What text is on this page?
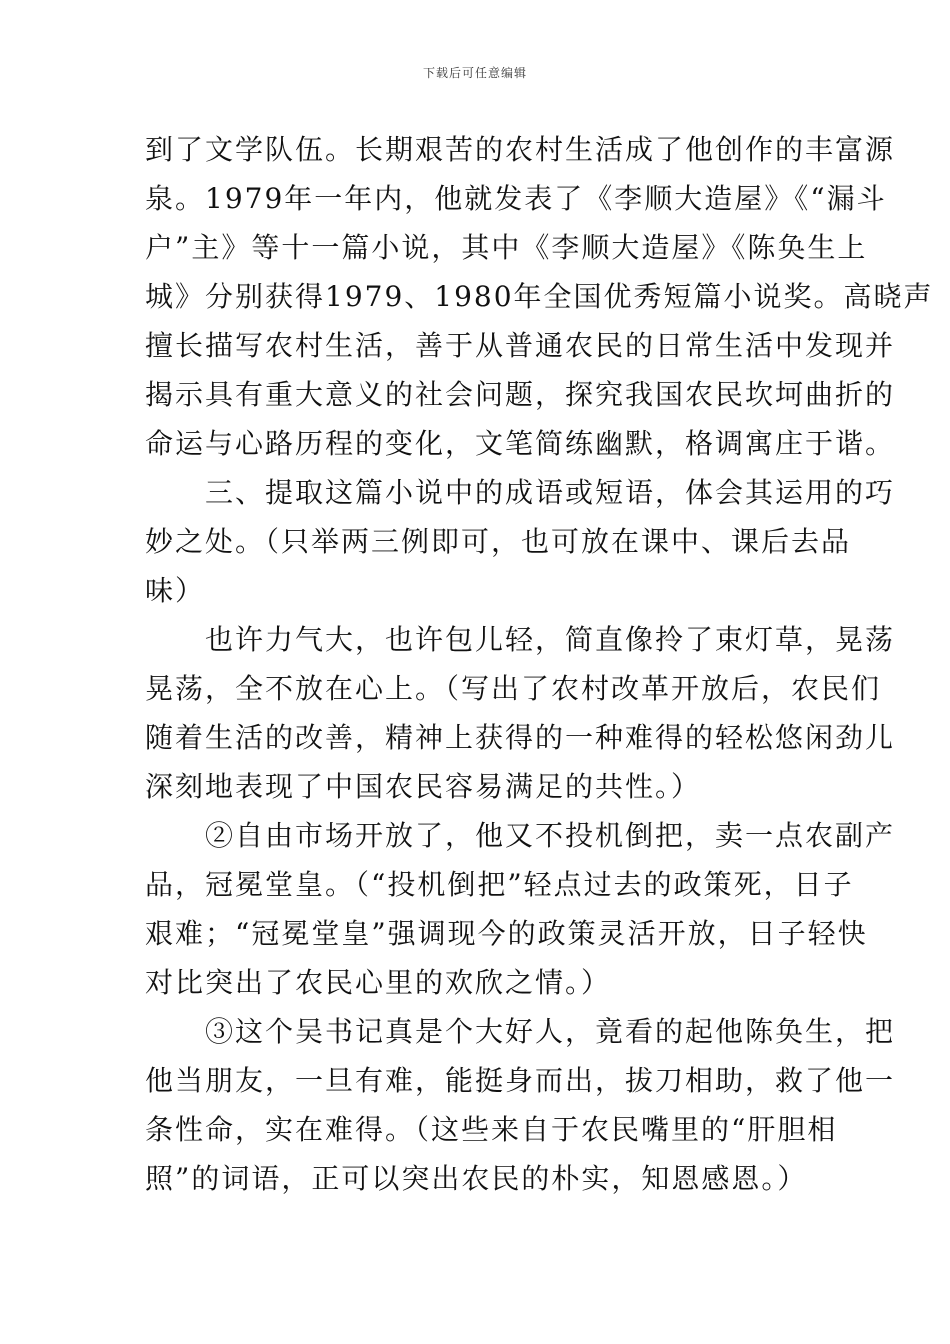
下载后可任意编辑
到了文学队伍。长期艰苦的农村生活成了他创作的丰富源
泉。1979年一年内，他就发表了《李顺大造屋》《“漏斗
户”主》等十一篇小说，其中《李顺大造屋》《陈奂生上
城》分别获得1979、1980年全国优秀短篇小说奖。高晓声
擅长描写农村生活，善于从普通农民的日常生活中发现并
揭示具有重大意义的社会问题，探究我国农民坎坷曲折的
命运与心路历程的变化，文笔简练幽默，格调寓庄于谐。
　　三、提取这篇小说中的成语或短语，体会其运用的巧
妙之处。（只举两三例即可，也可放在课中、课后去品
味）
　　也许力气大，也许包儿轻，简直像拎了束灯草，晃荡
晃荡，全不放在心上。（写出了农村改革开放后，农民们
随着生活的改善，精神上获得的一种难得的轻松悠闲劲儿
深刻地表现了中国农民容易满足的共性。）
　　②自由市场开放了，他又不投机倒把，卖一点农副产
品，冠冕堂皇。（“投机倒把”轻点过去的政策死，日子
艰难；“冠冕堂皇”强调现今的政策灵活开放，日子轻快
对比突出了农民心里的欢欣之情。）
　　③这个吴书记真是个大好人，竟看的起他陈奂生，把
他当朋友，一旦有难，能挺身而出，拔刀相助，救了他一
条性命，实在难得。（这些来自于农民嘴里的“肝胆相
照”的词语，正可以突出农民的朴实，知恩感恩。）
